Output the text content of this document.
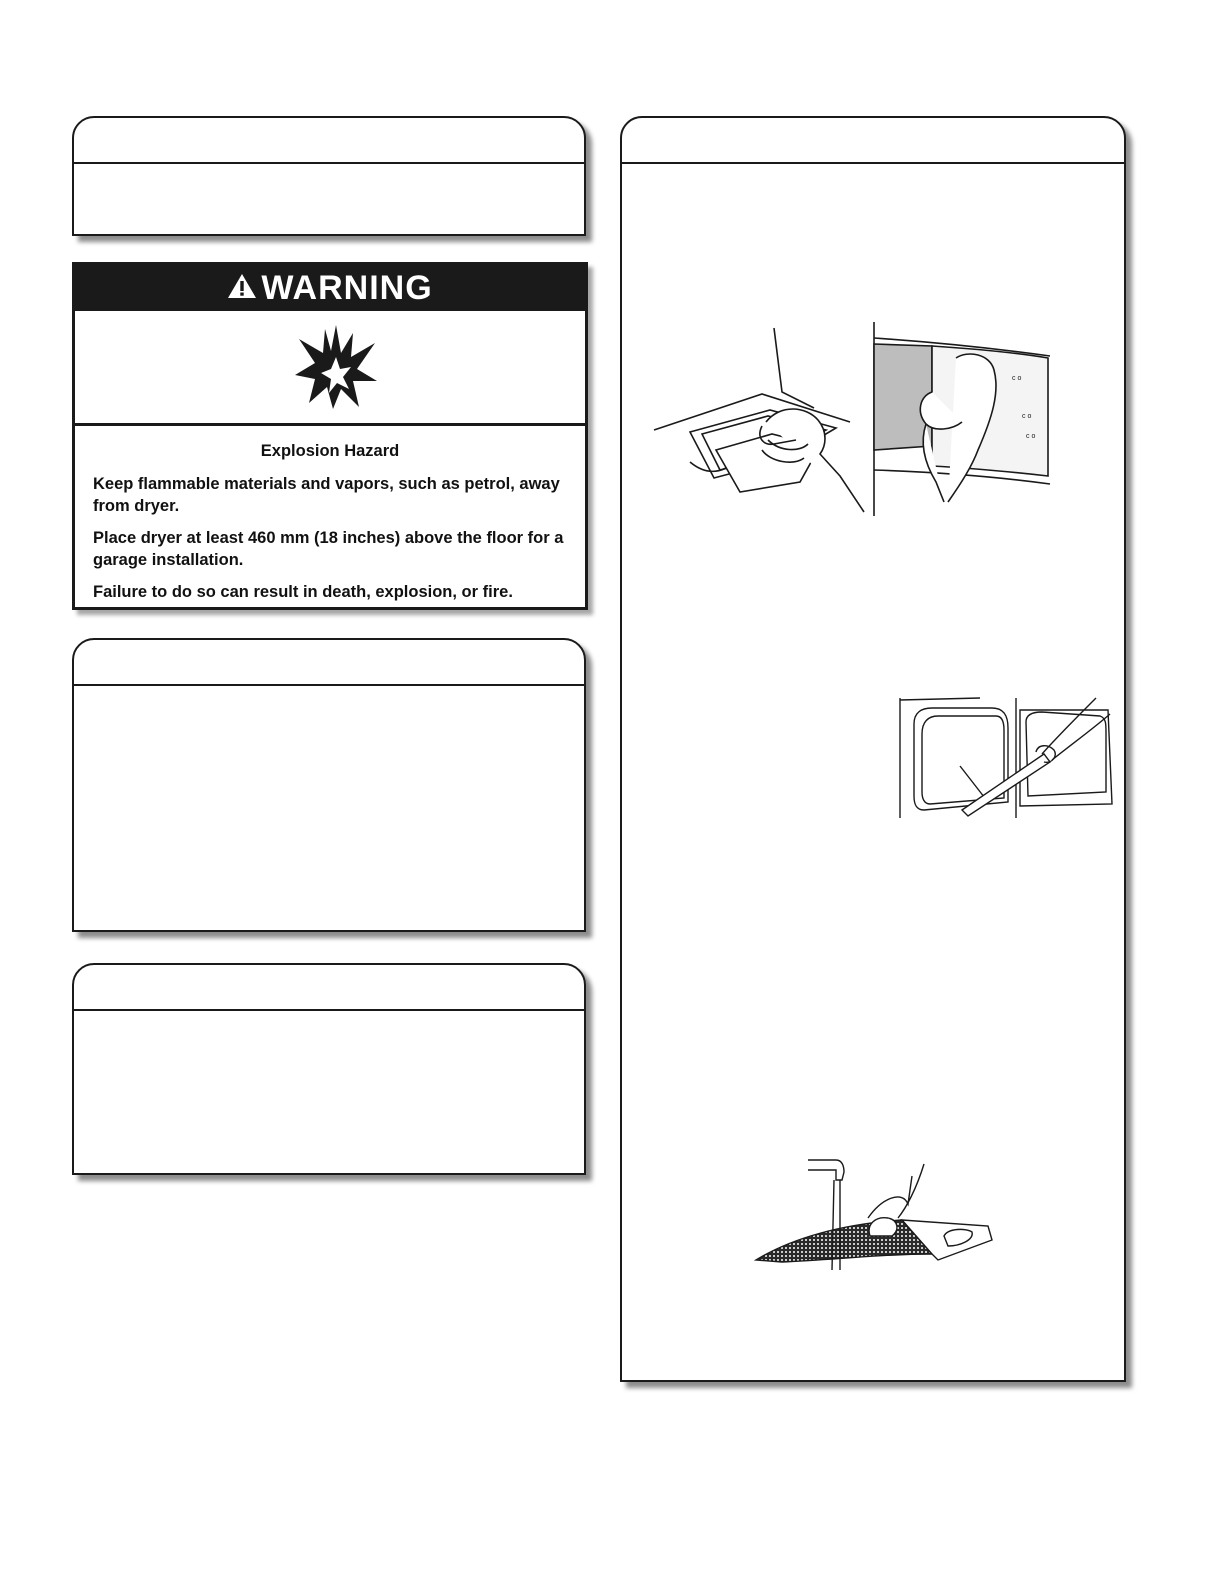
WARNING
Explosion Hazard

Keep flammable materials and vapors, such as petrol, away from dryer.

Place dryer at least 460 mm (18 inches) above the floor for a garage installation.

Failure to do so can result in death, explosion, or fire.

c o
c o
c o
